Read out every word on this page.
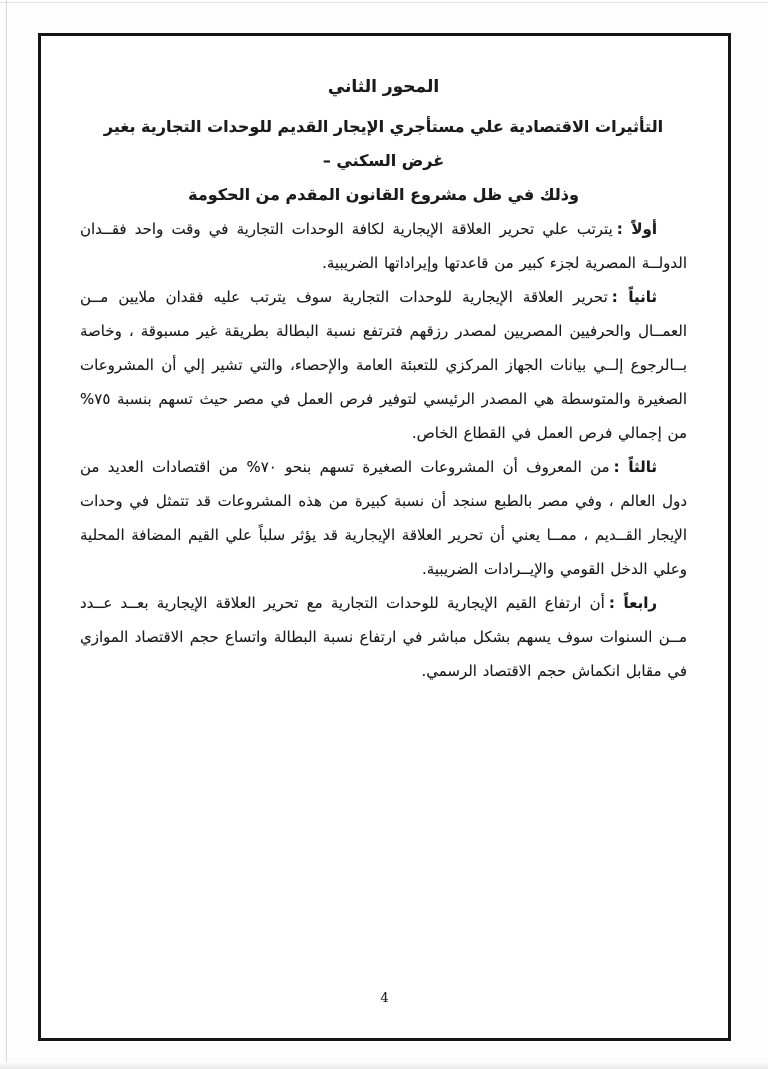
المحور الثاني

التأثيرات الاقتصادية علي مستأجري الإيجار القديم للوحدات التجارية بغير غرض السكني –

وذلك في ظل مشروع القانون المقدم من الحكومة

أولاً :يترتب علي تحرير العلاقة الإيجارية لكافة الوحدات التجارية في وقت واحد فقــدان الدولــة المصرية لجزء كبير من قاعدتها وإيراداتها الضريبية.

ثانياً :تحرير العلاقة الإيجارية للوحدات التجارية سوف يترتب عليه فقدان ملايين مــن العمــال والحرفيين المصريين لمصدر رزقهم فترتفع نسبة البطالة بطريقة غير مسبوقة ، وخاصة بــالرجوع إلــي بيانات الجهاز المركزي للتعبئة العامة والإحصاء، والتي تشير إلي أن المشروعات الصغيرة والمتوسطة هي المصدر الرئيسي لتوفير فرص العمل في مصر حيث تسهم بنسبة ٧٥% من إجمالي فرص العمل في القطاع الخاص.

ثالثاً :من المعروف أن المشروعات الصغيرة تسهم بنحو ٧٠% من اقتصادات العديد من دول العالم ، وفي مصر بالطبع سنجد أن نسبة كبيرة من هذه المشروعات قد تتمثل في وحدات الإيجار القــديم ، ممــا يعني أن تحرير العلاقة الإيجارية قد يؤثر سلباً علي القيم المضافة المحلية وعلي الدخل القومي والإيــرادات الضريبية.

رابعاً :أن ارتفاع القيم الإيجارية للوحدات التجارية مع تحرير العلاقة الإيجارية بعــد عــدد مــن السنوات سوف يسهم بشكل مباشر في ارتفاع نسبة البطالة واتساع حجم الاقتصاد الموازي في مقابل انكماش حجم الاقتصاد الرسمي.

4
